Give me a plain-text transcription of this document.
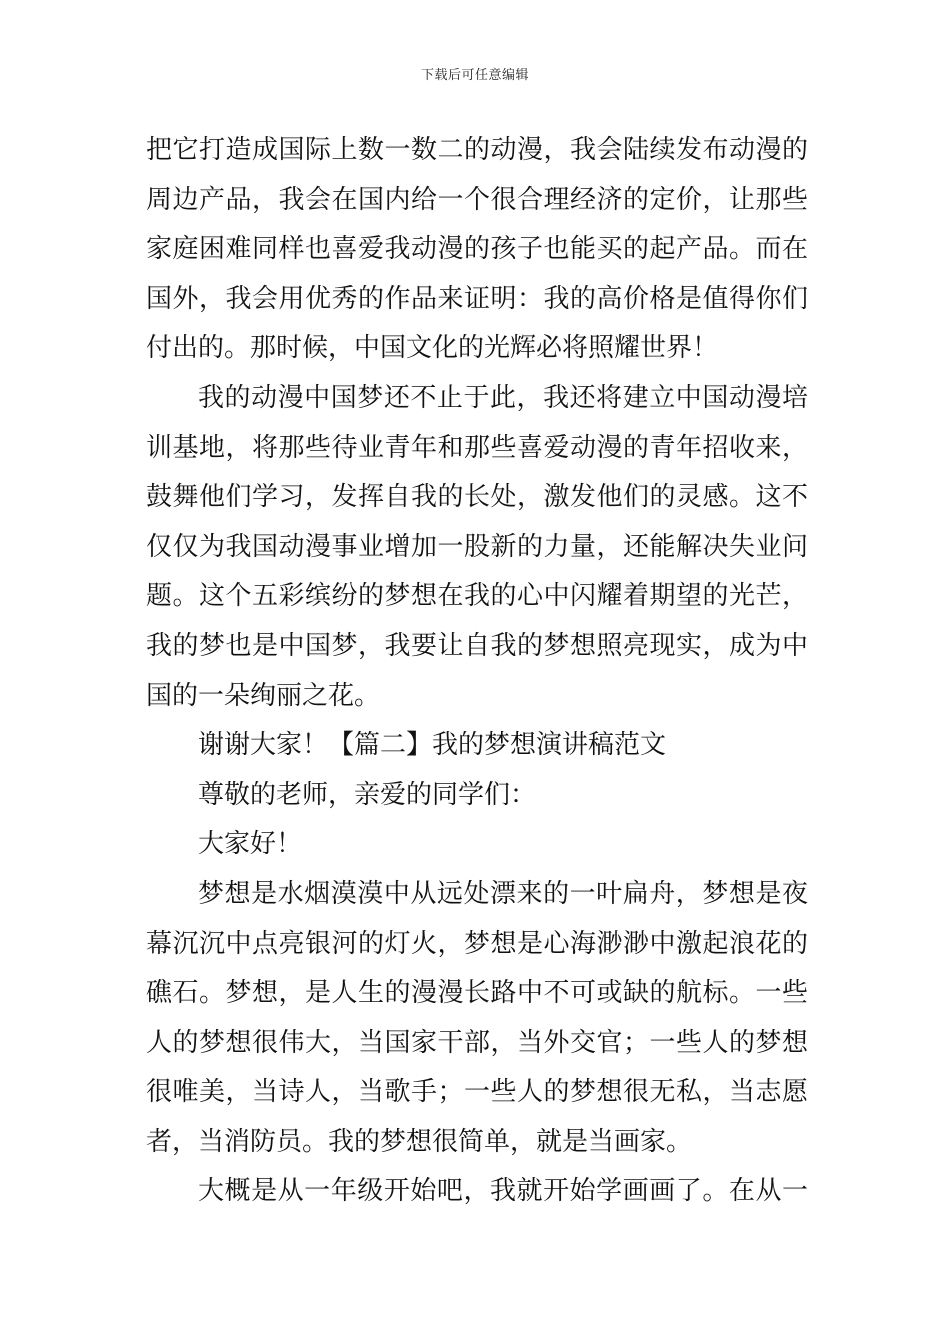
下载后可任意编辑
把它打造成国际上数一数二的动漫，我会陆续发布动漫的
周边产品，我会在国内给一个很合理经济的定价，让那些
家庭困难同样也喜爱我动漫的孩子也能买的起产品。而在
国外，我会用优秀的作品来证明：我的高价格是值得你们
付出的。那时候，中国文化的光辉必将照耀世界！
我的动漫中国梦还不止于此，我还将建立中国动漫培
训基地，将那些待业青年和那些喜爱动漫的青年招收来，
鼓舞他们学习，发挥自我的长处，激发他们的灵感。这不
仅仅为我国动漫事业增加一股新的力量，还能解决失业问
题。这个五彩缤纷的梦想在我的心中闪耀着期望的光芒，
我的梦也是中国梦，我要让自我的梦想照亮现实，成为中
国的一朵绚丽之花。
谢谢大家！【篇二】我的梦想演讲稿范文
尊敬的老师，亲爱的同学们：
大家好！
梦想是水烟漠漠中从远处漂来的一叶扁舟，梦想是夜
幕沉沉中点亮银河的灯火，梦想是心海渺渺中激起浪花的
礁石。梦想，是人生的漫漫长路中不可或缺的航标。一些
人的梦想很伟大，当国家干部，当外交官；一些人的梦想
很唯美，当诗人，当歌手；一些人的梦想很无私，当志愿
者，当消防员。我的梦想很简单，就是当画家。
大概是从一年级开始吧，我就开始学画画了。在从一
